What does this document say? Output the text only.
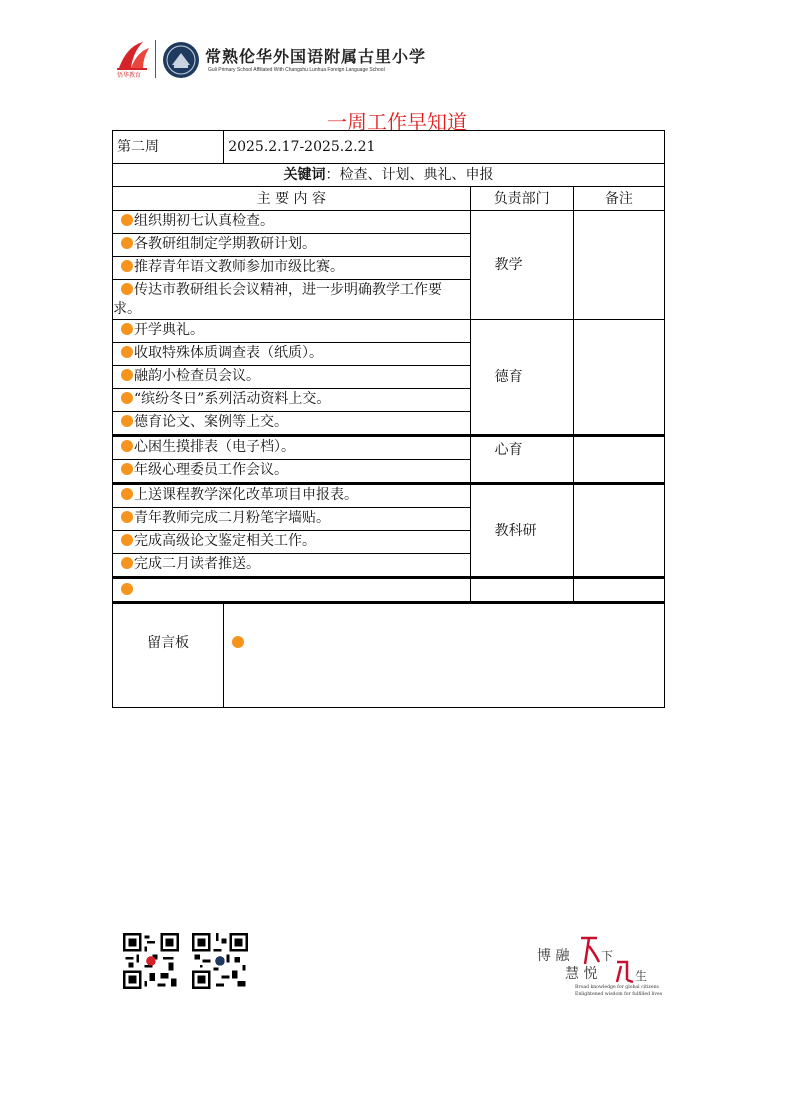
悟华教育
常熟伦华外国语附属古里小学
Guli Primary School Affiliated With Changshu Lunhua Foreign Language School
一周工作早知道
第二周	2025.2.17-2025.2.21		
关键词：检查、计划、典礼、申报			
主 要 内 容		负责部门	备注

组织期初七认真检查。
各教研组制定学期教研计划。
推荐青年语文教师参加市级比赛。
传达市教研组长会议精神，进一步明确教学工作要求。		教学	

开学典礼。
收取特殊体质调查表（纸质）。
融韵小检查员会议。
“缤纷冬日”系列活动资料上交。
德育论文、案例等上交。		德育	

心困生摸排表（电子档）。
年级心理委员工作会议。		心育	

上送课程教学深化改革项目申报表。
青年教师完成二月粉笔字墙贴。
完成高级论文鉴定相关工作。
完成二月读者推送。		教科研	

留言板			
博 融	下
慧 悦	生
Broad knowledge for global citizens
Enlightened wisdom for fulfilled lives
